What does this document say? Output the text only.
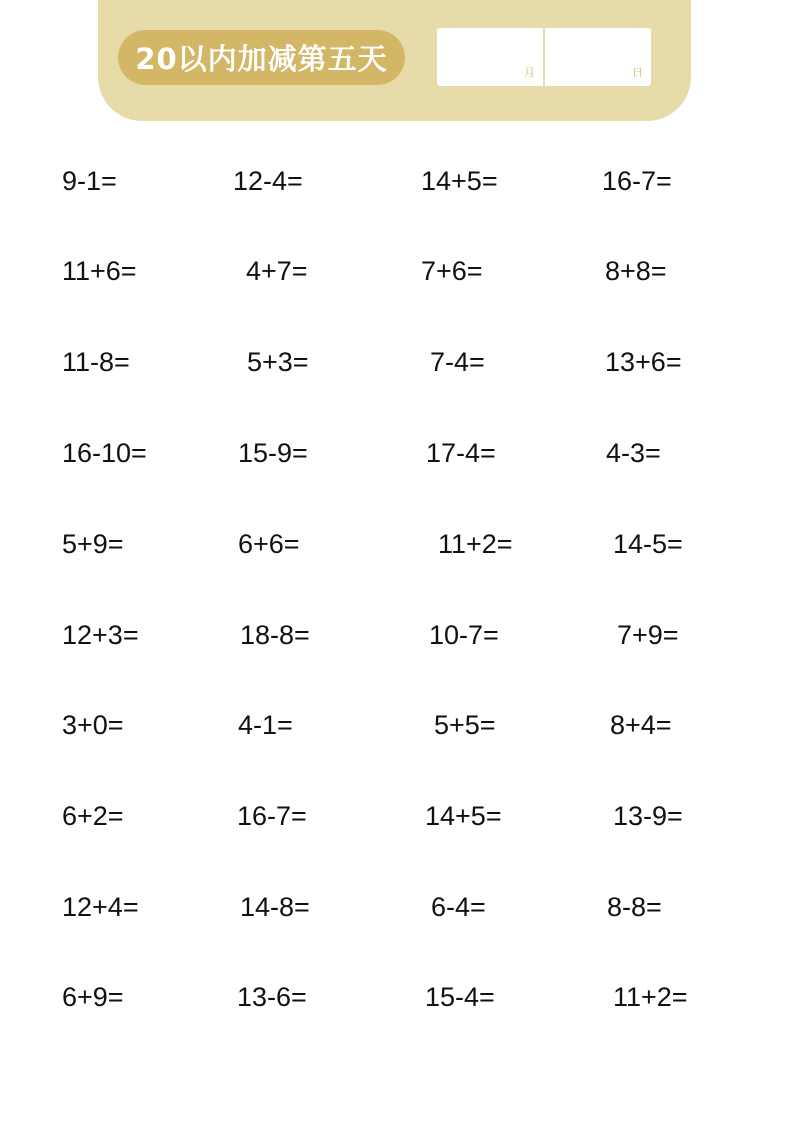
20以内加减第五天	月	日
9-1=	12-4=	14+5=	16-7=
11+6=	4+7=	7+6=	8+8=
11-8=	5+3=	7-4=	13+6=
16-10=	15-9=	17-4=	4-3=
5+9=	6+6=	11+2=	14-5=
12+3=	18-8=	10-7=	7+9=
3+0=	4-1=	5+5=	8+4=
6+2=	16-7=	14+5=	13-9=
12+4=	14-8=	6-4=	8-8=
6+9=	13-6=	15-4=	11+2=
